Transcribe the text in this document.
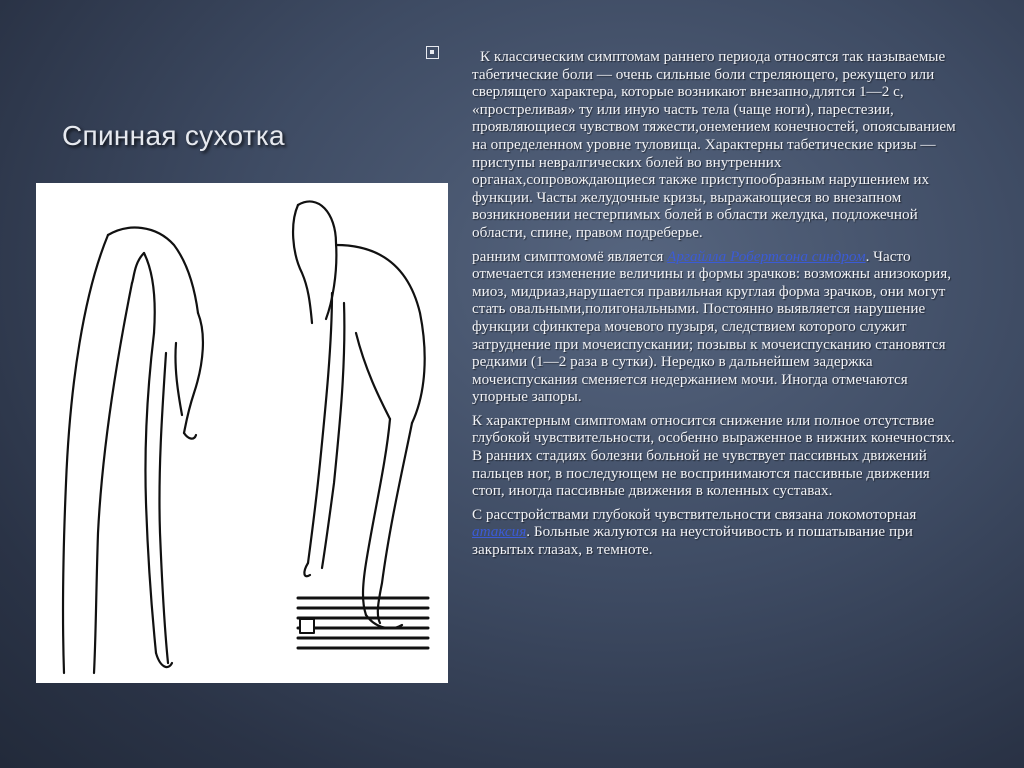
Спинная сухотка

К классическим симптомам раннего периода относятся так называемые табетические боли — очень сильные боли стреляющего, режущего или сверлящего характера, которые возникают внезапно,длятся 1—2 с, «простреливая» ту или иную часть тела (чаще ноги), парестезии, проявляющиеся чувством тяжести,онемением конечностей, опоясыванием на определенном уровне туловища. Характерны табетические кризы — приступы невралгических болей во внутренних органах,сопровождающиеся также приступообразным нарушением их функции. Часты желудочные кризы, выражающиеся во внезапном возникновении нестерпимых болей в области желудка, подложечной области, спине, правом подреберье.

ранним симптомомё является Аргайлла Робертсона синдром. Часто отмечается изменение величины и формы зрачков: возможны анизокория, миоз, мидриаз,нарушается правильная круглая форма зрачков, они могут стать овальными,полигональными. Постоянно выявляется нарушение функции сфинктера мочевого пузыря, следствием которого служит затруднение при мочеиспускании; позывы к мочеиспусканию становятся редкими (1—2 раза в сутки). Нередко в дальнейшем задержка мочеиспускания сменяется недержанием мочи. Иногда отмечаются упорные запоры.

К характерным симптомам относится снижение или полное отсутствие глубокой чувствительности, особенно выраженное в нижних конечностях. В ранних стадиях болезни больной не чувствует пассивных движений пальцев ног, в последующем не воспринимаются пассивные движения стоп, иногда пассивные движения в коленных суставах.

С расстройствами глубокой чувствительности связана локомоторная атаксия. Больные жалуются на неустойчивость и пошатывание при закрытых глазах, в темноте.
